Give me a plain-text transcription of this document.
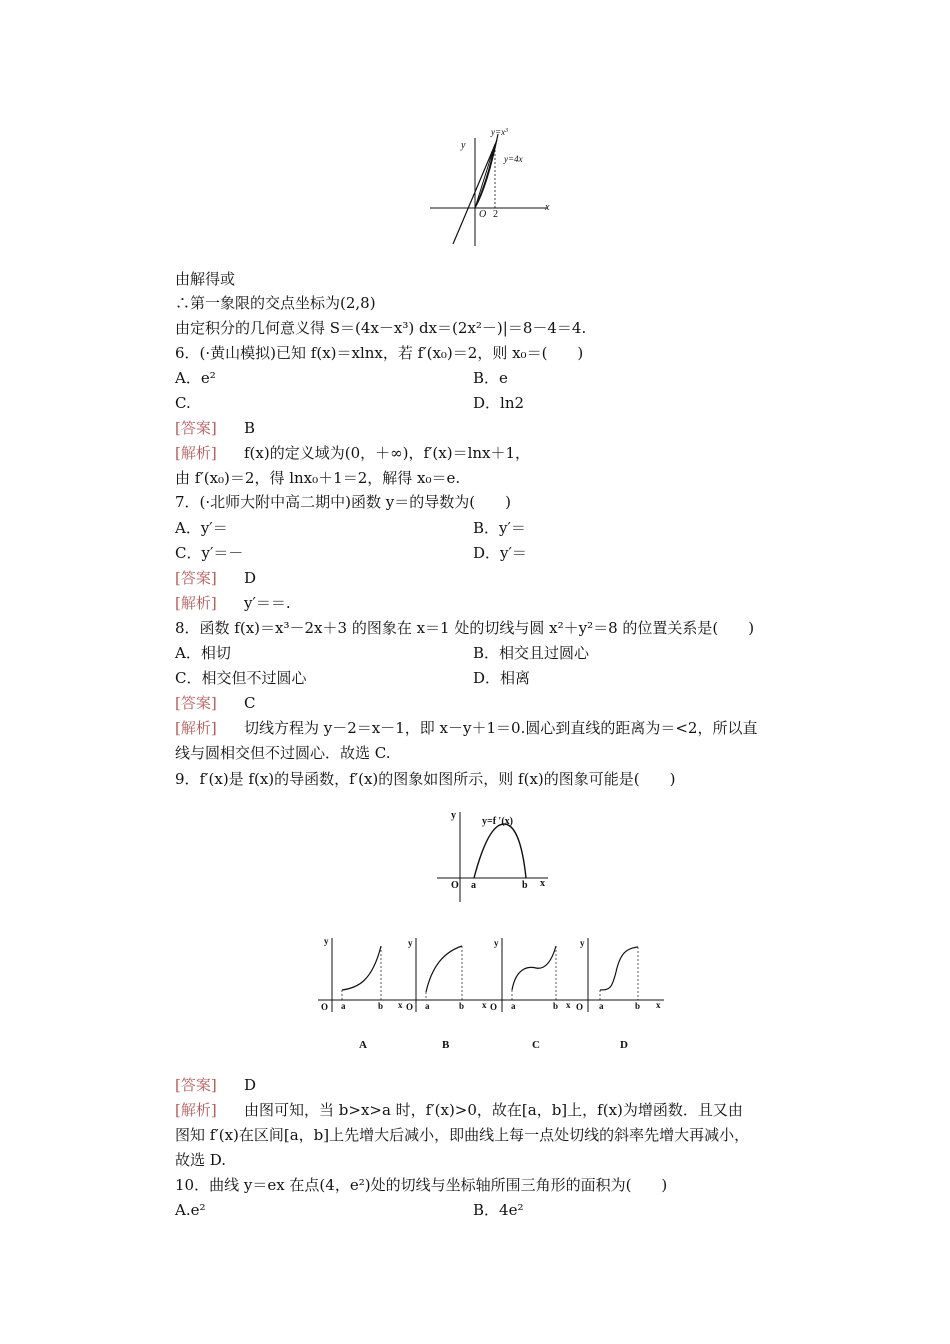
y
x
O 2
$y=x^3$
y=4x
由解得或
∴第一象限的交点坐标为(2,8)
由定积分的几何意义得 S＝(4x－x³) dx＝(2x²－)|＝8－4＝4.
6．(·黄山模拟)已知 f(x)＝xlnx，若 f′(x₀)＝2，则 x₀＝(　　)
A．e²	B．e
C.	D．ln2
[答案] B
[解析] f(x)的定义域为(0，＋∞)，f′(x)＝lnx＋1，
由 f′(x₀)＝2，得 lnx₀＋1＝2，解得 x₀＝e.
7．(·北师大附中高二期中)函数 y＝的导数为(　　)
A．y′＝	B．y′＝
C．y′＝－	D．y′＝
[答案] D
[解析] y′＝＝.
8．函数 f(x)＝x³－2x＋3 的图象在 x＝1 处的切线与圆 x²＋y²＝8 的位置关系是(　　)
A．相切	B．相交且过圆心
C．相交但不过圆心	D．相离
[答案] C
[解析] 切线方程为 y－2＝x－1，即 x－y＋1＝0.圆心到直线的距离为＝<2，所以直
线与圆相交但不过圆心．故选 C.
9．f′(x)是 f(x)的导函数，f′(x)的图象如图所示，则 f(x)的图象可能是(　　)
y
x
O a	b
y=f ′(x)
y
x
O a	b
A
y
x
O a	b
B
y
x
O a	b
C
y
x
O a	b
D
[答案] D
[解析] 由图可知，当 b>x>a 时，f′(x)>0，故在[a，b]上，f(x)为增函数．且又由
图知 f′(x)在区间[a，b]上先增大后减小，即曲线上每一点处切线的斜率先增大再减小，
故选 D.
10．曲线 y＝ex 在点(4，e²)处的切线与坐标轴所围三角形的面积为(　　)
A.e²	B．4e²
